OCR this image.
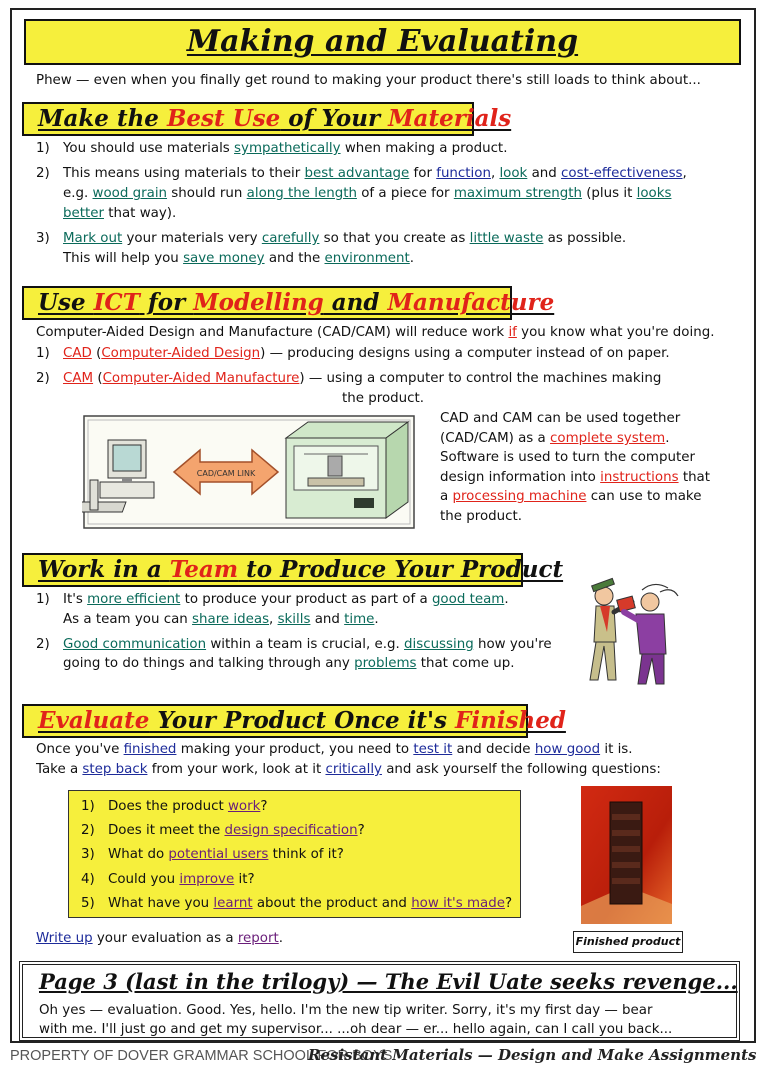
Making and Evaluating
Phew — even when you finally get round to making your product there's still loads to think about...
Make the Best Use of Your Materials
1) You should use materials sympathetically when making a product.
2) This means using materials to their best advantage for function, look and cost-effectiveness,
e.g. wood grain should run along the length of a piece for maximum strength (plus it looks
better that way).
3) Mark out your materials very carefully so that you create as little waste as possible.
This will help you save money and the environment.
Use ICT for Modelling and Manufacture
Computer-Aided Design and Manufacture (CAD/CAM) will reduce work if you know what you're doing.
1) CAD (Computer-Aided Design) — producing designs using a computer instead of on paper.
2) CAM (Computer-Aided Manufacture) — using a computer to control the machines making
the product.
CAD/CAM LINK
CAD and CAM can be used together
(CAD/CAM) as a complete system.
Software is used to turn the computer
design information into instructions that
a processing machine can use to make
the product.
Work in a Team to Produce Your Product
1) It's more efficient to produce your product as part of a good team.
As a team you can share ideas, skills and time.
2) Good communication within a team is crucial, e.g. discussing how you're
going to do things and talking through any problems that come up.
Evaluate Your Product Once it's Finished
Once you've finished making your product, you need to test it and decide how good it is.
Take a step back from your work, look at it critically and ask yourself the following questions:
1) Does the product work?
2) Does it meet the design specification?
3) What do potential users think of it?
4) Could you improve it?
5) What have you learnt about the product and how it's made?
Write up your evaluation as a report.	Finished product
Page 3 (last in the trilogy) — The Evil Uate seeks revenge...
Oh yes — evaluation. Good. Yes, hello. I'm the new tip writer. Sorry, it's my first day — bear
with me. I'll just go and get my supervisor... ...oh dear — er... hello again, can I call you back...
PROPERTY OF DOVER GRAMMAR SCHOOL FOR BOYS
Resistant Materials — Design and Make Assignments
